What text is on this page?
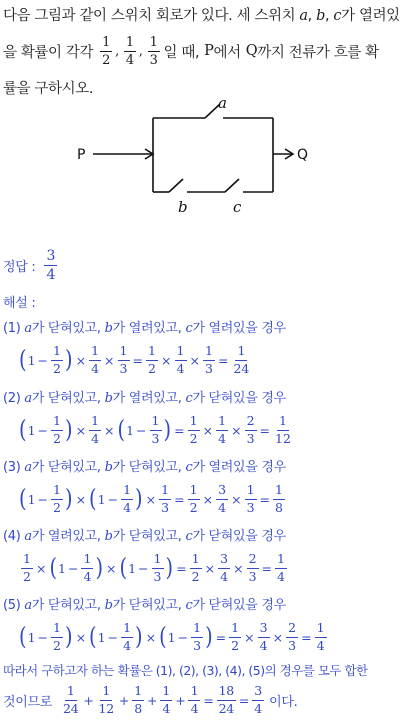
다음 그림과 같이 스위치 회로가 있다. 세 스위치 a, b, c가 열려있
을 확률이 각각 $\frac{1}{2}$ , $\frac{1}{4}$ , $\frac{1}{3}$ 일 때, P 에서 Q 까지 전류가 흐를 확
률을 구하시오.
P	Q
a
b	c
정답 : $\frac{3}{4}$
해설 :
(1) a가 닫혀있고, b가 열려있고, c가 열려있을 경우
( $1 - \frac{1}{2}$ ) × $\frac{1}{4} \times \frac{1}{3} = \frac{1}{2} \times \frac{1}{4} \times \frac{1}{3} = \frac{1}{24}$
(2) a가 닫혀있고, b가 열려있고, c가 닫혀있을 경우
( $1 - \frac{1}{2}$ ) × $\frac{1}{4}$ × ( $1 - \frac{1}{3}$ ) = $\frac{1}{2} \times \frac{1}{4} \times \frac{2}{3} = \frac{1}{12}$
(3) a가 닫혀있고, b가 닫혀있고, c가 열려있을 경우
( $1 - \frac{1}{2}$ ) × ( $1 - \frac{1}{4}$ ) × $\frac{1}{3} = \frac{1}{2} \times \frac{3}{4} \times \frac{1}{3} = \frac{1}{8}$
(4) a가 열려있고, b가 닫혀있고, c가 닫혀있을 경우
$\frac{1}{2}$ × ( $1 - \frac{1}{4}$ ) × ( $1 - \frac{1}{3}$ ) = $\frac{1}{2} \times \frac{3}{4} \times \frac{2}{3} = \frac{1}{4}$
(5) a가 닫혀있고, b가 닫혀있고, c가 닫혀있을 경우
( $1 - \frac{1}{2}$ ) × ( $1 - \frac{1}{4}$ ) × ( $1 - \frac{1}{3}$ ) = $\frac{1}{2} \times \frac{3}{4} \times \frac{2}{3} = \frac{1}{4}$
따라서 구하고자 하는 확률은 (1), (2), (3), (4), (5)의 경우를 모두 합한
것이므로 $\frac{1}{24} + \frac{1}{12} + \frac{1}{8} + \frac{1}{4} + \frac{1}{4} = \frac{18}{24} = \frac{3}{4}$ 이다.
